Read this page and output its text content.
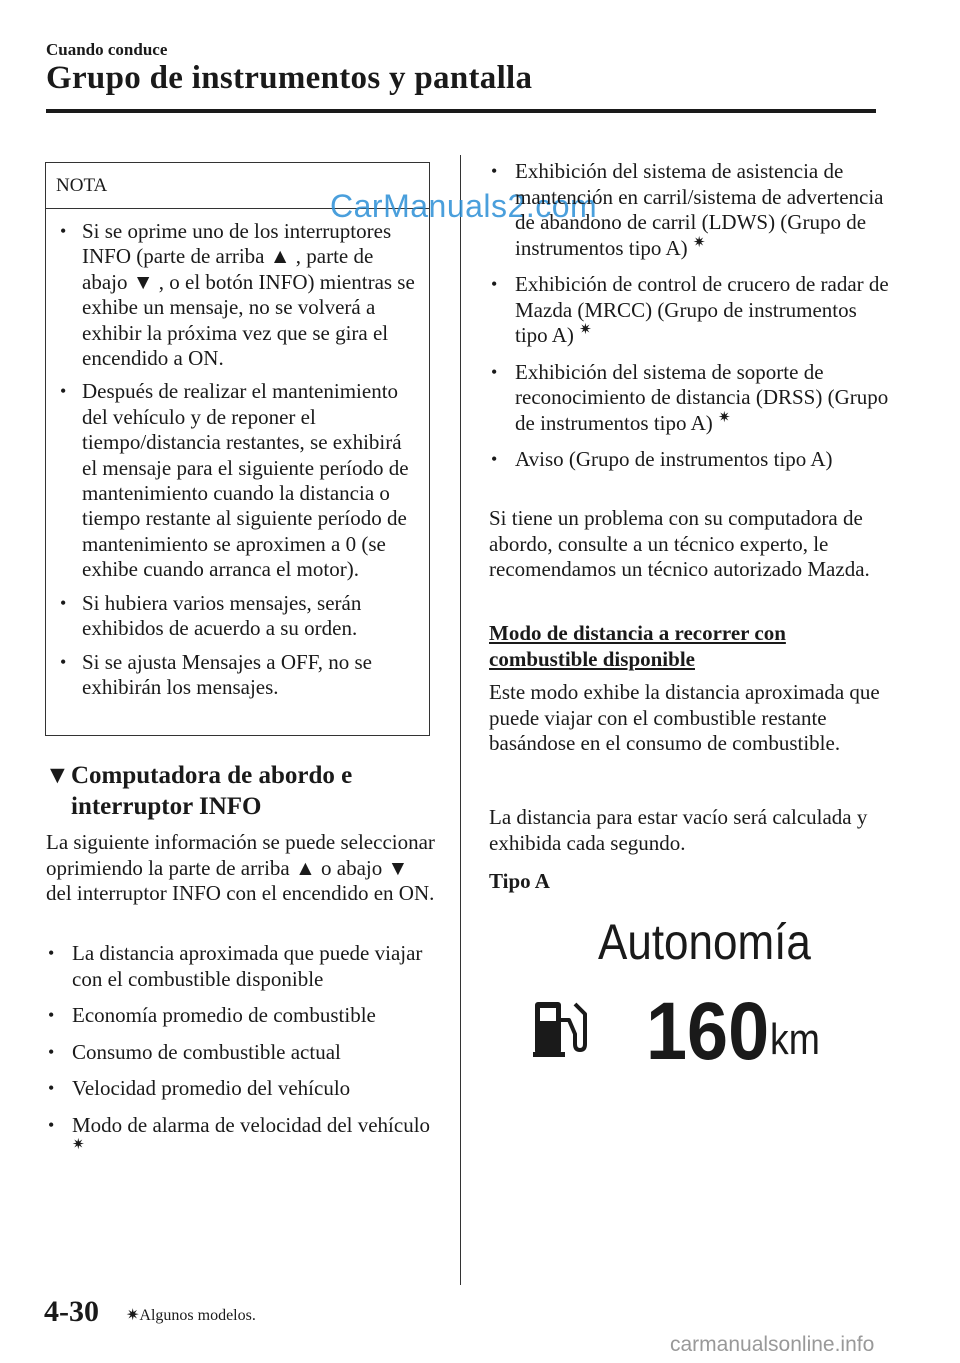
Cuando conduce
Grupo de instrumentos y pantalla
NOTA
• Si se oprime uno de los interruptores INFO (parte de arriba ▲ , parte de abajo ▼ , o el botón INFO) mientras se exhibe un mensaje, no se volverá a exhibir la próxima vez que se gira el encendido a ON.
• Después de realizar el mantenimiento del vehículo y de reponer el tiempo/distancia restantes, se exhibirá el mensaje para el siguiente período de mantenimiento cuando la distancia o tiempo restante al siguiente período de mantenimiento se aproximen a 0 (se exhibe cuando arranca el motor).
• Si hubiera varios mensajes, serán exhibidos de acuerdo a su orden.
• Si se ajusta Mensajes a OFF, no se exhibirán los mensajes.
CarManuals2.com
▼Computadora de abordo e
interruptor INFO
La siguiente información se puede seleccionar oprimiendo la parte de arriba ▲ o abajo ▼ del interruptor INFO con el encendido en ON.
• La distancia aproximada que puede viajar con el combustible disponible
• Economía promedio de combustible
• Consumo de combustible actual
• Velocidad promedio del vehículo
• Modo de alarma de velocidad del vehículo ✷
• Exhibición del sistema de asistencia de mantención en carril/sistema de advertencia de abandono de carril (LDWS) (Grupo de instrumentos tipo A) ✷
• Exhibición de control de crucero de radar de Mazda (MRCC) (Grupo de instrumentos tipo A) ✷
• Exhibición del sistema de soporte de reconocimiento de distancia (DRSS) (Grupo de instrumentos tipo A) ✷
• Aviso (Grupo de instrumentos tipo A)
Si tiene un problema con su computadora de abordo, consulte a un técnico experto, le recomendamos un técnico autorizado Mazda.
Modo de distancia a recorrer con combustible disponible
Este modo exhibe la distancia aproximada que puede viajar con el combustible restante basándose en el consumo de combustible.
La distancia para estar vacío será calculada y exhibida cada segundo.
Tipo A
Autonomía
160 km
4-30 ✷Algunos modelos.
carmanualsonline.info
